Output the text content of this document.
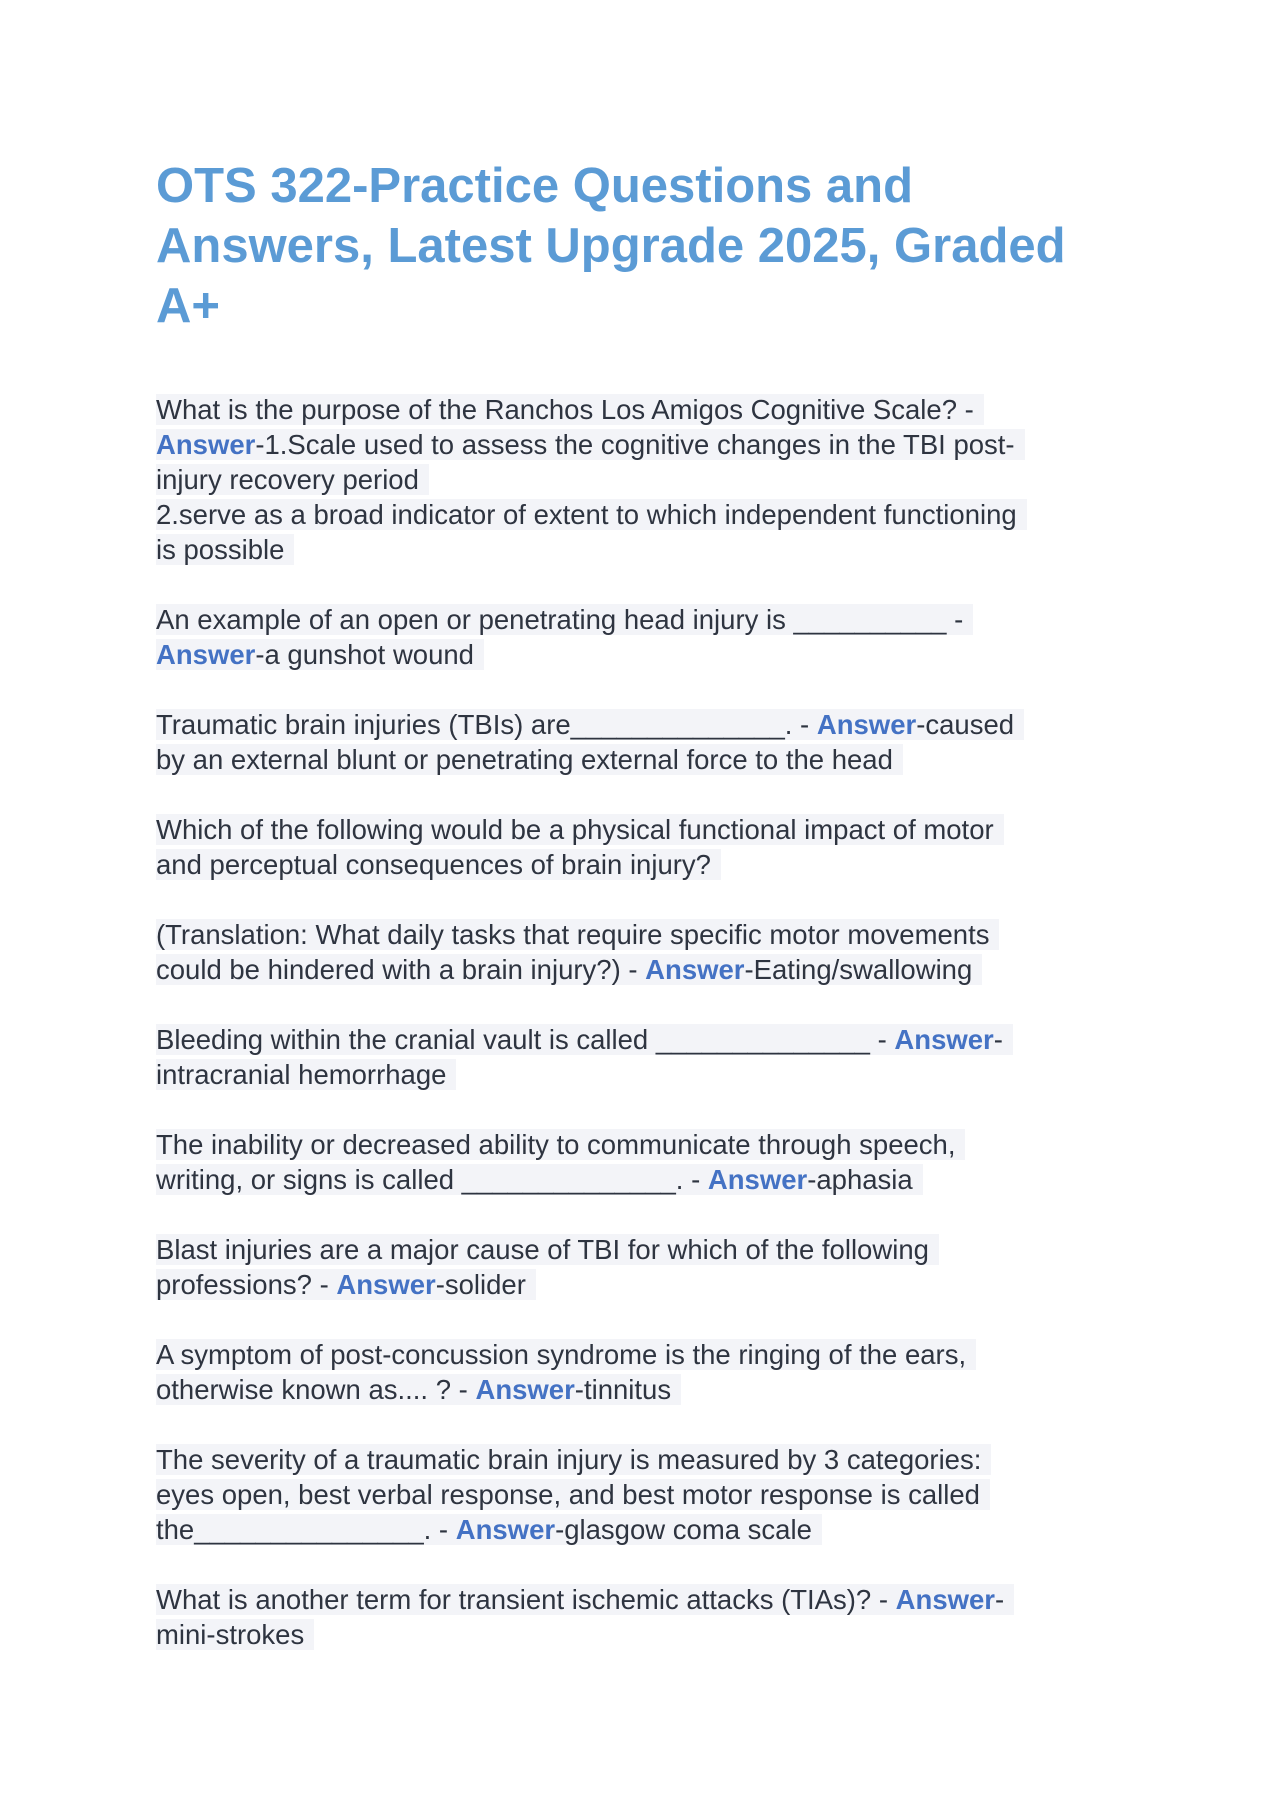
OTS 322-Practice Questions and
Answers, Latest Upgrade 2025, Graded
A+
What is the purpose of the Ranchos Los Amigos Cognitive Scale? -
Answer-1.Scale used to assess the cognitive changes in the TBI post-
injury recovery period
2.serve as a broad indicator of extent to which independent functioning
is possible
An example of an open or penetrating head injury is __________ -
Answer-a gunshot wound
Traumatic brain injuries (TBIs) are______________. - Answer-caused
by an external blunt or penetrating external force to the head
Which of the following would be a physical functional impact of motor
and perceptual consequences of brain injury?
(Translation: What daily tasks that require specific motor movements
could be hindered with a brain injury?) - Answer-Eating/swallowing
Bleeding within the cranial vault is called ______________ - Answer-
intracranial hemorrhage
The inability or decreased ability to communicate through speech,
writing, or signs is called ______________. - Answer-aphasia
Blast injuries are a major cause of TBI for which of the following
professions? - Answer-solider
A symptom of post-concussion syndrome is the ringing of the ears,
otherwise known as.... ? - Answer-tinnitus
The severity of a traumatic brain injury is measured by 3 categories:
eyes open, best verbal response, and best motor response is called
the_______________. - Answer-glasgow coma scale
What is another term for transient ischemic attacks (TIAs)? - Answer-
mini-strokes
